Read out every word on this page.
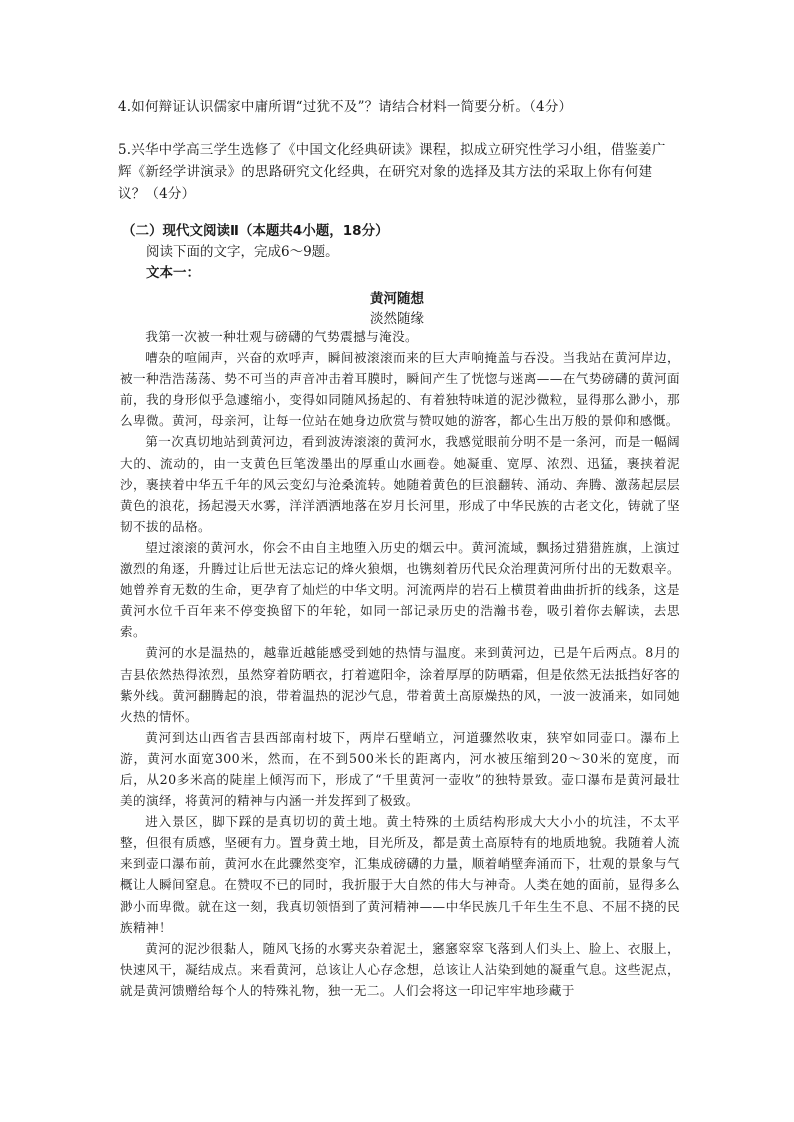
4.如何辩证认识儒家中庸所谓“过犹不及”？请结合材料一简要分析。（4分）
5.兴华中学高三学生选修了《中国文化经典研读》课程，拟成立研究性学习小组，借鉴姜广辉《新经学讲演录》的思路研究文化经典，在研究对象的选择及其方法的采取上你有何建议？（4分）
（二）现代文阅读Ⅱ（本题共4小题，18分）
阅读下面的文字，完成6～9题。
文本一：
黄河随想
淡然随缘

我第一次被一种壮观与磅礴的气势震撼与淹没。

嘈杂的喧闹声，兴奋的欢呼声，瞬间被滚滚而来的巨大声响掩盖与吞没。当我站在黄河岸边，被一种浩浩荡荡、势不可当的声音冲击着耳膜时，瞬间产生了恍惚与迷离——在气势磅礴的黄河面前，我的身形似乎急遽缩小，变得如同随风扬起的、有着独特味道的泥沙微粒，显得那么渺小，那么卑微。黄河，母亲河，让每一位站在她身边欣赏与赞叹她的游客，都心生出万般的景仰和感慨。

第一次真切地站到黄河边，看到波涛滚滚的黄河水，我感觉眼前分明不是一条河，而是一幅阔大的、流动的，由一支黄色巨笔泼墨出的厚重山水画卷。她凝重、宽厚、浓烈、迅猛，裹挟着泥沙，裹挟着中华五千年的风云变幻与沧桑流转。她随着黄色的巨浪翻转、涌动、奔腾、激荡起层层黄色的浪花，扬起漫天水雾，洋洋洒洒地落在岁月长河里，形成了中华民族的古老文化，铸就了坚韧不拔的品格。

望过滚滚的黄河水，你会不由自主地堕入历史的烟云中。黄河流域，飘扬过猎猎旌旗，上演过激烈的角逐，升腾过让后世无法忘记的烽火狼烟，也镌刻着历代民众治理黄河所付出的无数艰辛。她曾养育无数的生命，更孕育了灿烂的中华文明。河流两岸的岩石上横贯着曲曲折折的线条，这是黄河水位千百年来不停变换留下的年轮，如同一部记录历史的浩瀚书卷，吸引着你去解读，去思索。

黄河的水是温热的，越靠近越能感受到她的热情与温度。来到黄河边，已是午后两点。8月的吉县依然热得浓烈，虽然穿着防晒衣，打着遮阳伞，涂着厚厚的防晒霜，但是依然无法抵挡好客的紫外线。黄河翻腾起的浪，带着温热的泥沙气息，带着黄土高原燥热的风，一波一波涌来，如同她火热的情怀。

黄河到达山西省吉县西部南村坡下，两岸石壁峭立，河道骤然收束，狭窄如同壶口。瀑布上游，黄河水面宽300米，然而，在不到500米长的距离内，河水被压缩到20～30米的宽度，而后，从20多米高的陡崖上倾泻而下，形成了“千里黄河一壶收”的独特景致。壶口瀑布是黄河最壮美的演绎，将黄河的精神与内涵一并发挥到了极致。

进入景区，脚下踩的是真切切的黄土地。黄土特殊的土质结构形成大大小小的坑洼，不太平整，但很有质感，坚硬有力。置身黄土地，目光所及，都是黄土高原特有的地质地貌。我随着人流来到壶口瀑布前，黄河水在此骤然变窄，汇集成磅礴的力量，顺着峭壁奔涌而下，壮观的景象与气概让人瞬间窒息。在赞叹不已的同时，我折服于大自然的伟大与神奇。人类在她的面前，显得多么渺小而卑微。就在这一刻，我真切领悟到了黄河精神——中华民族几千年生生不息、不屈不挠的民族精神！

黄河的泥沙很黏人，随风飞扬的水雾夹杂着泥土，窸窸窣窣飞落到人们头上、脸上、衣服上，快速风干，凝结成点。来看黄河，总该让人心存念想，总该让人沾染到她的凝重气息。这些泥点，就是黄河馈赠给每个人的特殊礼物，独一无二。人们会将这一印记牢牢地珍藏于
